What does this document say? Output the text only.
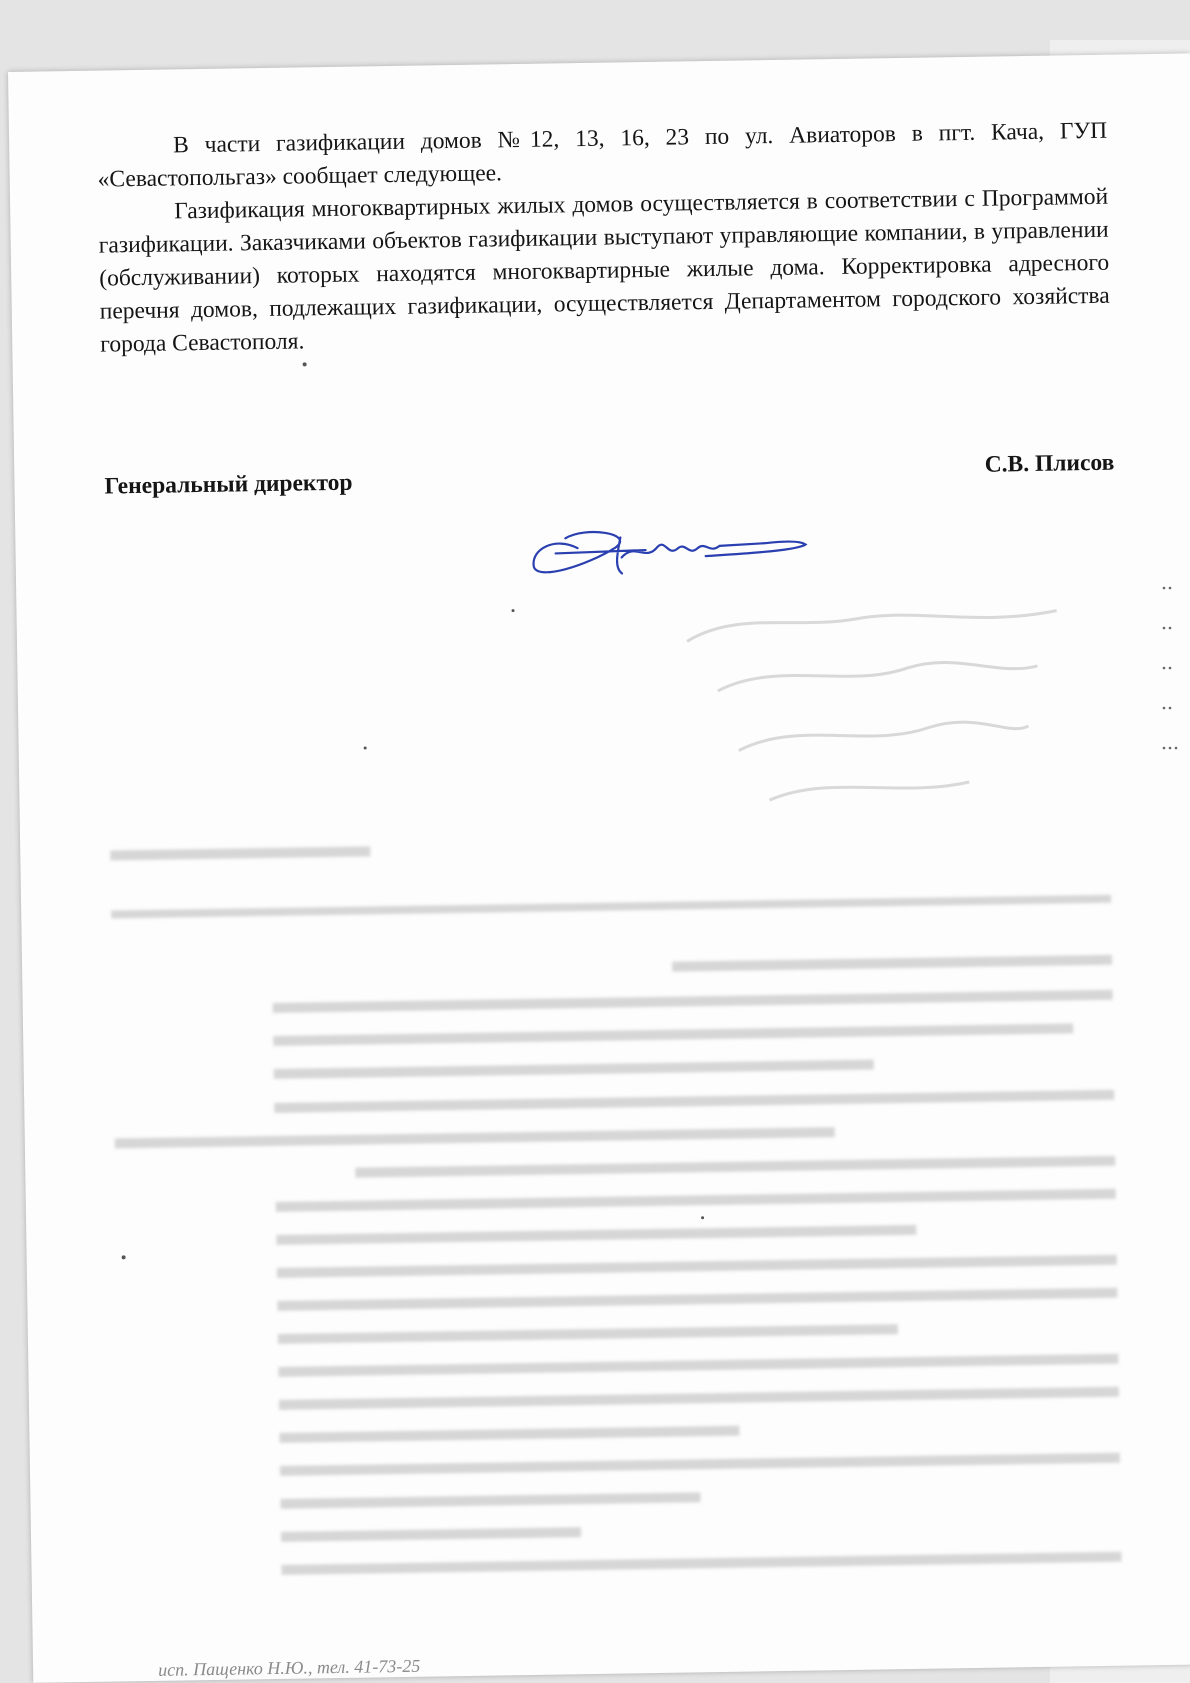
В части газификации домов №12, 13, 16, 23 по ул. Авиаторов в пгт. Кача, ГУП «Севастопольгаз» сообщает следующее.

Газификация многоквартирных жилых домов осуществляется в соответствии с Программой газификации. Заказчиками объектов газификации выступают управляющие компании, в управлении (обслуживании) которых находятся многоквартирные жилые дома. Корректировка адресного перечня домов, подлежащих газификации, осуществляется Департаментом городского хозяйства города Севастополя.

Генеральный директор
С.В. Плисов
исп. Пащенко Н.Ю., тел. 41-73-25
